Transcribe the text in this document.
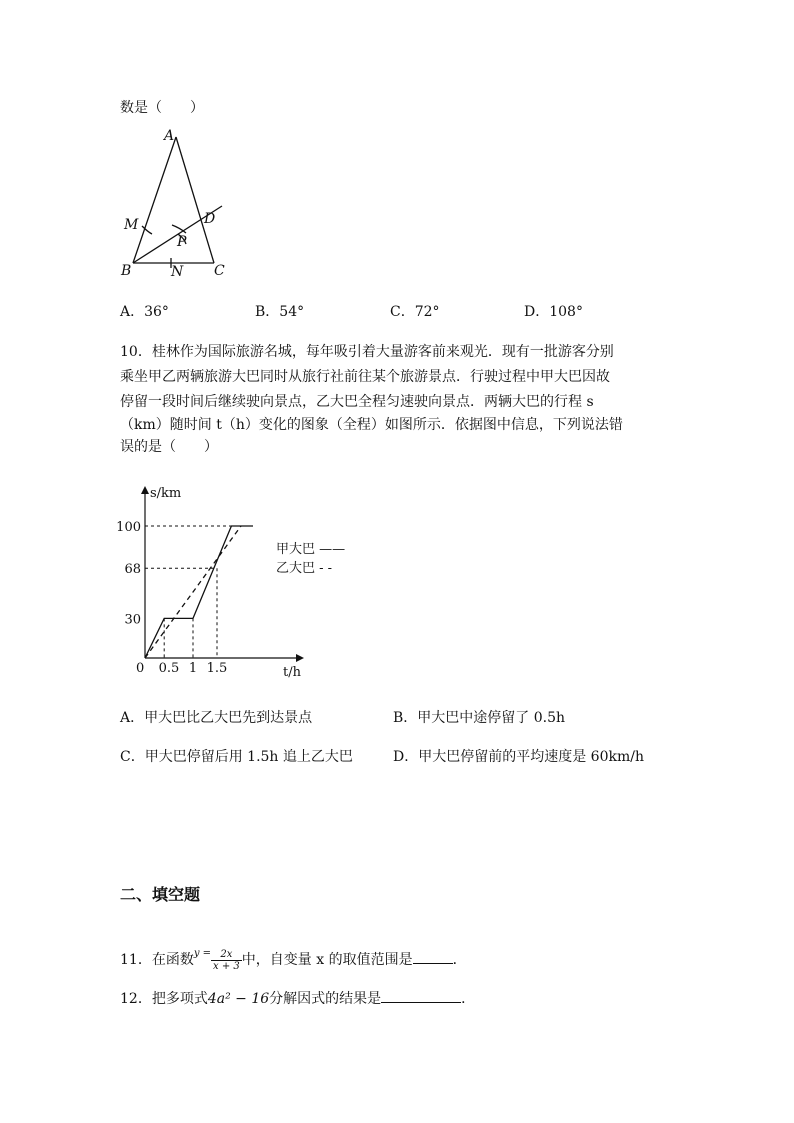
数是（　　）
A
M	D
P
B	N C
A．36°	B．54°	C．72°	D．108°
10．桂林作为国际旅游名城，每年吸引着大量游客前来观光．现有一批游客分别
乘坐甲乙两辆旅游大巴同时从旅行社前往某个旅游景点．行驶过程中甲大巴因故
停留一段时间后继续驶向景点，乙大巴全程匀速驶向景点．两辆大巴的行程 s
（km）随时间 t（h）变化的图象（全程）如图所示．依据图中信息，下列说法错
误的是（　　）
s/km
t/h
0
100
68
30
0.5 1 1.5
甲大巴 ——
乙大巴 - -
A．甲大巴比乙大巴先到达景点	B．甲大巴中途停留了 0.5h
C．甲大巴停留后用 1.5h 追上乙大巴	D．甲大巴停留前的平均速度是 60km/h
二、填空题
11．在函数$^{y =} \frac{2x}{x + 3}$ 中，自变量 x 的取值范围是	．
12．把多项式4a² − 16分解因式的结果是	．
